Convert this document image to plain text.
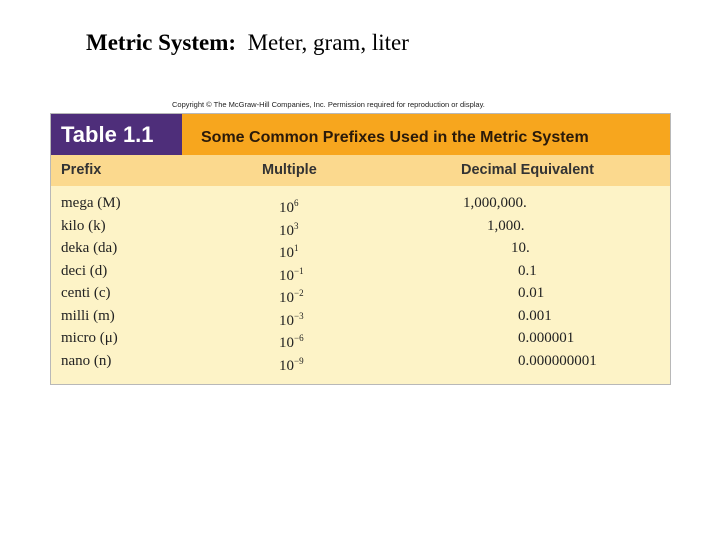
Metric System: Meter, gram, liter
Copyright © The McGraw-Hill Companies, Inc. Permission required for reproduction or display.
Table 1.1	Some Common Prefixes Used in the Metric System
Prefix	Multiple	Decimal Equivalent
mega (M)	$10^6$	1,000,000.
kilo (k)	$10^3$	1,000.
deka (da)	$10^1$	10.
deci (d)	$10^{-1}$	0.1
centi (c)	$10^{-2}$	0.01
milli (m)	$10^{-3}$	0.001
micro (μ)	$10^{-6}$	0.000001
nano (n)	$10^{-9}$	0.000000001
